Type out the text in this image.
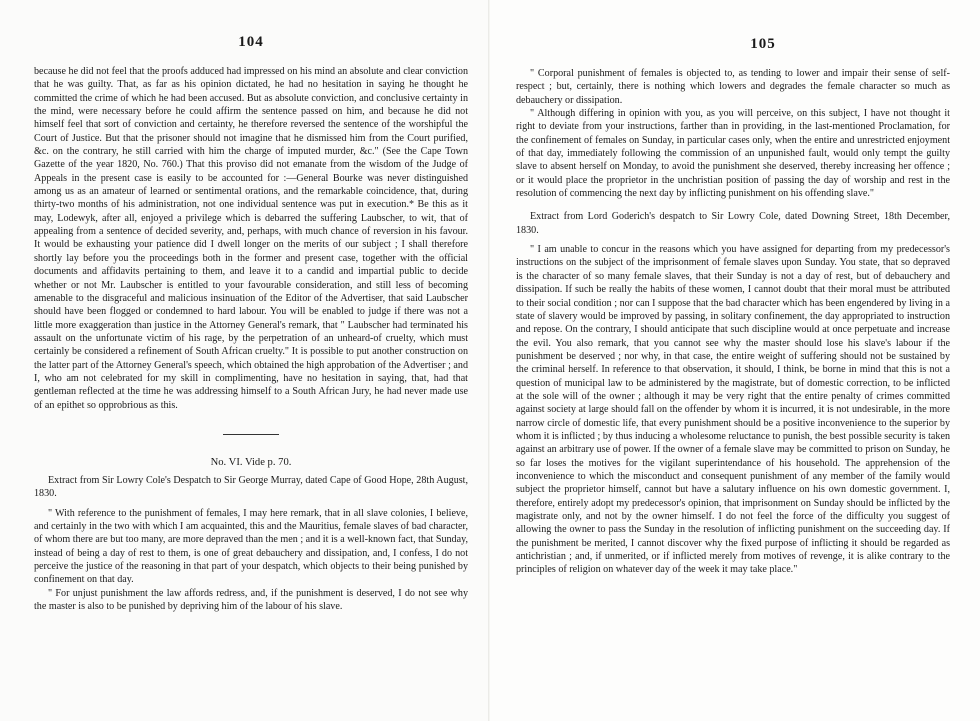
104

because he did not feel that the proofs adduced had impressed on his mind an absolute and clear conviction that he was guilty. That, as far as his opinion dictated, he had no hesitation in saying he thought he committed the crime of which he had been accused. But as absolute conviction, and conclusive certainty in the mind, were necessary before he could affirm the sentence passed on him, and because he did not himself feel that sort of conviction and certainty, he therefore reversed the sentence of the worshipful the Court of Justice. But that the prisoner should not imagine that he dismissed him from the Court purified, &c. on the contrary, he still carried with him the charge of imputed murder, &c." (See the Cape Town Gazette of the year 1820, No. 760.) That this proviso did not emanate from the wisdom of the Judge of Appeals in the present case is easily to be accounted for :—General Bourke was never distinguished among us as an amateur of learned or sentimental orations, and the remarkable coincidence, that, during thirty-two months of his administration, not one individual sentence was put in execution.* Be this as it may, Lodewyk, after all, enjoyed a privilege which is debarred the suffering Laubscher, to wit, that of appealing from a sentence of decided severity, and, perhaps, with much chance of reversion in his favour. It would be exhausting your patience did I dwell longer on the merits of our subject ; I shall therefore shortly lay before you the proceedings both in the former and present case, together with the official documents and affidavits pertaining to them, and leave it to a candid and impartial public to decide whether or not Mr. Laubscher is entitled to your favourable consideration, and still less of becoming amenable to the disgraceful and malicious insinuation of the Editor of the Advertiser, that said Laubscher should have been flogged or condemned to hard labour. You will be enabled to judge if there was not a little more exaggeration than justice in the Attorney General's remark, that " Laubscher had terminated his assault on the unfortunate victim of his rage, by the perpetration of an unheard-of cruelty, which must certainly be considered a refinement of South African cruelty." It is possible to put another construction on the latter part of the Attorney General's speech, which obtained the high approbation of the Advertiser ; and I, who am not celebrated for my skill in complimenting, have no hesitation in saying, that, had that gentleman reflected at the time he was addressing himself to a South African Jury, he had never made use of an epithet so opprobrious as this.

No. VI. Vide p. 70.

Extract from Sir Lowry Cole's Despatch to Sir George Murray, dated Cape of Good Hope, 28th August, 1830.

" With reference to the punishment of females, I may here remark, that in all slave colonies, I believe, and certainly in the two with which I am acquainted, this and the Mauritius, female slaves of bad character, of whom there are but too many, are more depraved than the men ; and it is a well-known fact, that Sunday, instead of being a day of rest to them, is one of great debauchery and dissipation, and, I confess, I do not perceive the justice of the reasoning in that part of your despatch, which objects to their being punished by confinement on that day.

" For unjust punishment the law affords redress, and, if the punishment is deserved, I do not see why the master is also to be punished by depriving him of the labour of his slave.

105

" Corporal punishment of females is objected to, as tending to lower and impair their sense of self-respect ; but, certainly, there is nothing which lowers and degrades the female character so much as debauchery or dissipation.

" Although differing in opinion with you, as you will perceive, on this subject, I have not thought it right to deviate from your instructions, farther than in providing, in the last-mentioned Proclamation, for the confinement of females on Sunday, in particular cases only, when the entire and unrestricted enjoyment of that day, immediately following the commission of an unpunished fault, would only tempt the guilty slave to absent herself on Monday, to avoid the punishment she deserved, thereby increasing her offence ; or it would place the proprietor in the unchristian position of passing the day of worship and rest in the resolution of commencing the next day by inflicting punishment on his offending slave."

Extract from Lord Goderich's despatch to Sir Lowry Cole, dated Downing Street, 18th December, 1830.

" I am unable to concur in the reasons which you have assigned for departing from my predecessor's instructions on the subject of the imprisonment of female slaves upon Sunday. You state, that so depraved is the character of so many female slaves, that their Sunday is not a day of rest, but of debauchery and dissipation. If such be really the habits of these women, I cannot doubt that their moral must be attributed to their social condition ; nor can I suppose that the bad character which has been engendered by living in a state of slavery would be improved by passing, in solitary confinement, the day appropriated to instruction and repose. On the contrary, I should anticipate that such discipline would at once perpetuate and increase the evil. You also remark, that you cannot see why the master should lose his slave's labour if the punishment be deserved ; nor why, in that case, the entire weight of suffering should not be sustained by the criminal herself. In reference to that observation, it should, I think, be borne in mind that this is not a question of municipal law to be administered by the magistrate, but of domestic correction, to be inflicted at the sole will of the owner ; although it may be very right that the entire penalty of crimes committed against society at large should fall on the offender by whom it is incurred, it is not undesirable, in the more narrow circle of domestic life, that every punishment should be a positive inconvenience to the superior by whom it is inflicted ; by thus inducing a wholesome reluctance to punish, the best possible security is taken against an arbitrary use of power. If the owner of a female slave may be committed to prison on Sunday, he so far loses the motives for the vigilant superintendance of his household. The apprehension of the inconvenience to which the misconduct and consequent punishment of any member of the family would subject the proprietor himself, cannot but have a salutary influence on his own domestic government. I, therefore, entirely adopt my predecessor's opinion, that imprisonment on Sunday should be inflicted by the magistrate only, and not by the owner himself. I do not feel the force of the difficulty you suggest of allowing the owner to pass the Sunday in the resolution of inflicting punishment on the succeeding day. If the punishment be merited, I cannot discover why the fixed purpose of inflicting it should be regarded as antichristian ; and, if unmerited, or if inflicted merely from motives of revenge, it is alike contrary to the principles of religion on whatever day of the week it may take place."
